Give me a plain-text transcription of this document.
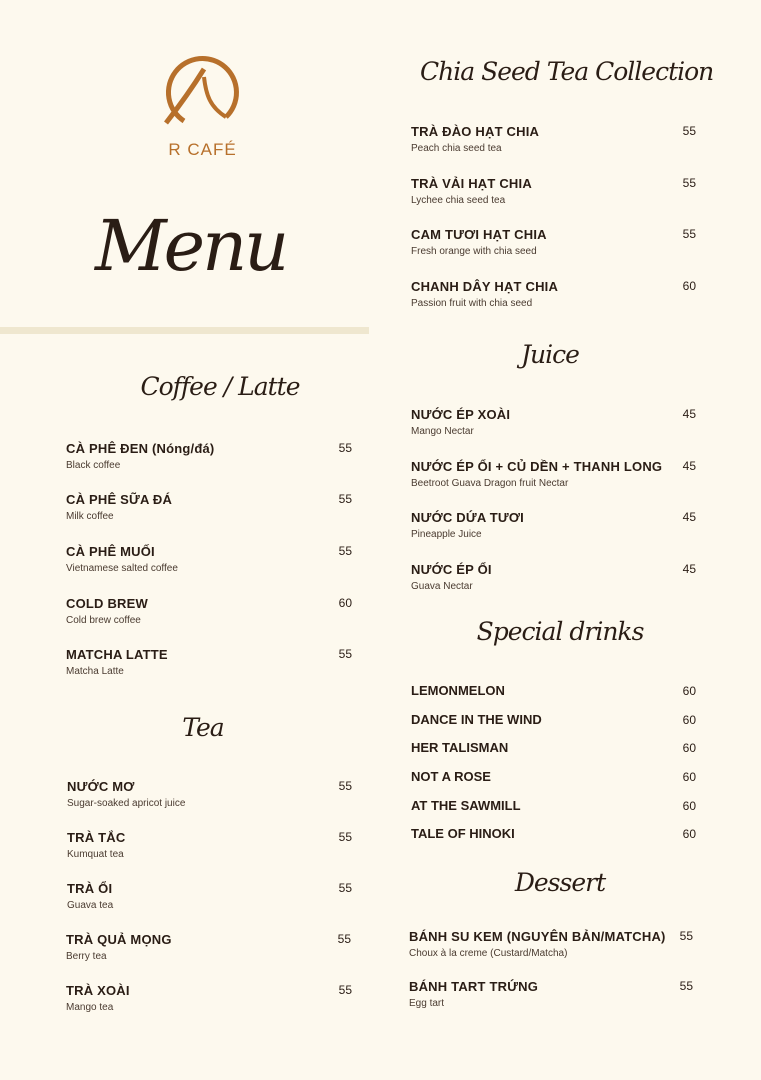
R CAFÉ
Menu
Coffee / Latte
Tea
Chia Seed Tea Collection
Juice
Special drinks
Dessert
CÀ PHÊ ĐEN (Nóng/đá)
Black coffee
55
CÀ PHÊ SỮA ĐÁ
Milk coffee
55
CÀ PHÊ MUỐI
Vietnamese salted coffee
55
COLD BREW
Cold brew coffee
60
MATCHA LATTE
Matcha Latte
55
NƯỚC MƠ
Sugar-soaked apricot juice
55
TRÀ TẮC
Kumquat tea
55
TRÀ ỔI
Guava tea
55
TRÀ QUẢ MỌNG
Berry tea
55
TRÀ XOÀI
Mango tea
55
TRÀ ĐÀO HẠT CHIA
Peach chia seed tea
55
TRÀ VẢI HẠT CHIA
Lychee chia seed tea
55
CAM TƯƠI HẠT CHIA
Fresh orange with chia seed
55
CHANH DÂY HẠT CHIA
Passion fruit with chia seed
60
NƯỚC ÉP XOÀI
Mango Nectar
45
NƯỚC ÉP ỔI + CỦ DỀN + THANH LONG
Beetroot Guava Dragon fruit Nectar
45
NƯỚC DỨA TƯƠI
Pineapple Juice
45
NƯỚC ÉP ỔI
Guava Nectar
45
LEMONMELON	60
DANCE IN THE WIND	60
HER TALISMAN	60
NOT A ROSE	60
AT THE SAWMILL	60
TALE OF HINOKI	60
BÁNH SU KEM (NGUYÊN BẢN/MATCHA)
Choux à la creme (Custard/Matcha)
55
BÁNH TART TRỨNG
Egg tart
55
